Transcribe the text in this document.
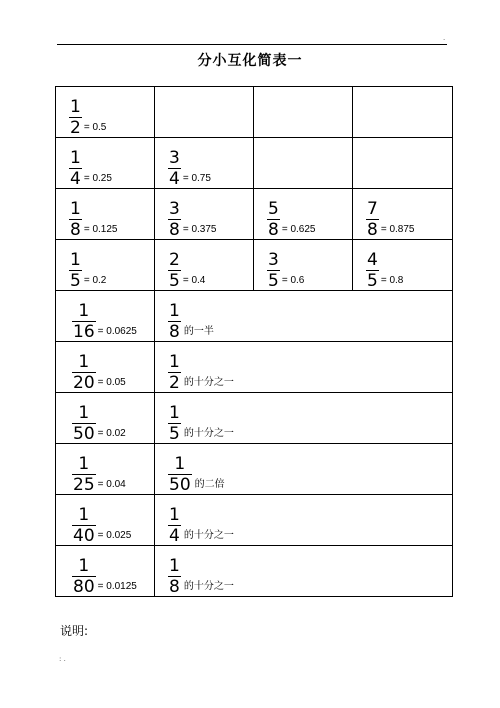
·
分小互化简表一
$\frac{1}{2} = 0.5$			

$\frac{1}{4} = 0.25$	$\frac{3}{4} = 0.75$		

$\frac{1}{8} = 0.125$	$\frac{3}{8} = 0.375$	$\frac{5}{8} = 0.625$	$\frac{7}{8} = 0.875$

$\frac{1}{5} = 0.2$	$\frac{2}{5} = 0.4$	$\frac{3}{5} = 0.6$	$\frac{4}{5} = 0.8$

$\frac{1}{16} = 0.0625$	$\frac{1}{8}$ 的一半		

$\frac{1}{20} = 0.05$	$\frac{1}{2}$ 的十分之一		

$\frac{1}{50} = 0.02$	$\frac{1}{5}$ 的十分之一		

$\frac{1}{25} = 0.04$	$\frac{1}{50}$ 的二倍		

$\frac{1}{40} = 0.025$	$\frac{1}{4}$ 的十分之一		

$\frac{1}{80} = 0.0125$	$\frac{1}{8}$ 的十分之一		
说明:
: .
